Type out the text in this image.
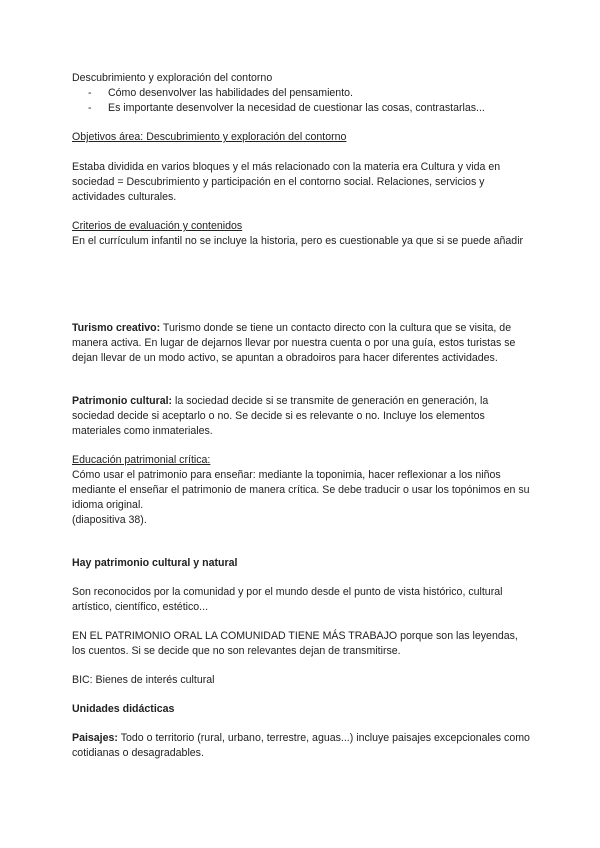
Descubrimiento y exploración del contorno
- Cómo desenvolver las habilidades del pensamiento.
- Es importante desenvolver la necesidad de cuestionar las cosas, contrastarlas...
Objetivos área: Descubrimiento y exploración del contorno
Estaba dividida en varios bloques y el más relacionado con la materia era Cultura y vida en sociedad = Descubrimiento y participación en el contorno social. Relaciones, servicios y actividades culturales.

Criterios de evaluación y contenidos

En el currículum infantil no se incluye la historia, pero es cuestionable ya que si se puede añadir

Turismo creativo: Turismo donde se tiene un contacto directo con la cultura que se visita, de manera activa. En lugar de dejarnos llevar por nuestra cuenta o por una guía, estos turistas se dejan llevar de un modo activo, se apuntan a obradoiros para hacer diferentes actividades.
Patrimonio cultural: la sociedad decide si se transmite de generación en generación, la sociedad decide si aceptarlo o no. Se decide si es relevante o no. Incluye los elementos materiales como inmateriales.

Educación patrimonial crítica:

Cómo usar el patrimonio para enseñar: mediante la toponimia, hacer reflexionar a los niños mediante el enseñar el patrimonio de manera crítica. Se debe traducir o usar los topónimos en su idioma original.

(diapositiva 38).

Hay patrimonio cultural y natural
Son reconocidos por la comunidad y por el mundo desde el punto de vista histórico, cultural artístico, científico, estético...
EN EL PATRIMONIO ORAL LA COMUNIDAD TIENE MÁS TRABAJO porque son las leyendas, los cuentos. Si se decide que no son relevantes dejan de transmitirse.
BIC: Bienes de interés cultural
Unidades didácticas
Paisajes: Todo o territorio (rural, urbano, terrestre, aguas...) incluye paisajes excepcionales como cotidianas o desagradables.
